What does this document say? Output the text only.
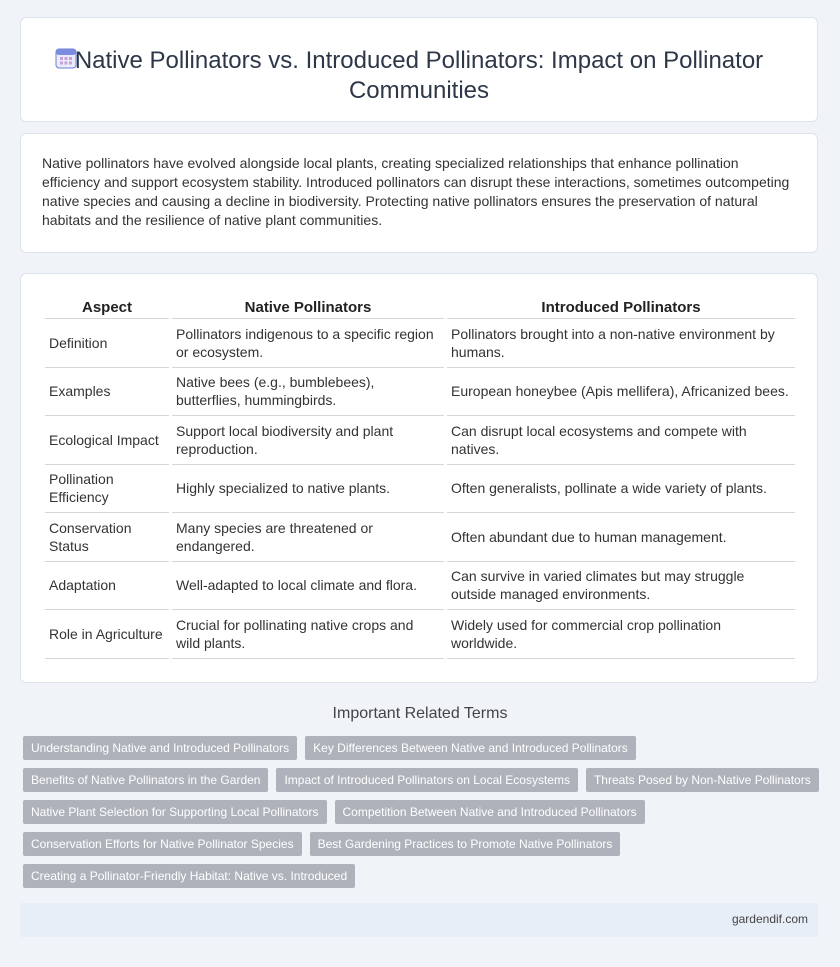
Native Pollinators vs. Introduced Pollinators: Impact on Pollinator Communities

Native pollinators have evolved alongside local plants, creating specialized relationships that enhance pollination efficiency and support ecosystem stability. Introduced pollinators can disrupt these interactions, sometimes outcompeting native species and causing a decline in biodiversity. Protecting native pollinators ensures the preservation of natural habitats and the resilience of native plant communities.

Aspect	Native Pollinators	Introduced Pollinators
Definition	Pollinators indigenous to a specific region or ecosystem.	Pollinators brought into a non-native environment by humans.
Examples	Native bees (e.g., bumblebees), butterflies, hummingbirds.	European honeybee (Apis mellifera), Africanized bees.
Ecological Impact	Support local biodiversity and plant reproduction.	Can disrupt local ecosystems and compete with natives.
Pollination Efficiency	Highly specialized to native plants.	Often generalists, pollinate a wide variety of plants.
Conservation Status	Many species are threatened or endangered.	Often abundant due to human management.
Adaptation	Well-adapted to local climate and flora.	Can survive in varied climates but may struggle outside managed environments.
Role in Agriculture	Crucial for pollinating native crops and wild plants.	Widely used for commercial crop pollination worldwide.
Important Related Terms
Understanding Native and Introduced Pollinators	Key Differences Between Native and Introduced Pollinators
Benefits of Native Pollinators in the Garden	Impact of Introduced Pollinators on Local Ecosystems	Threats Posed by Non-Native Pollinators
Native Plant Selection for Supporting Local Pollinators	Competition Between Native and Introduced Pollinators
Conservation Efforts for Native Pollinator Species	Best Gardening Practices to Promote Native Pollinators
Creating a Pollinator-Friendly Habitat: Native vs. Introduced
gardendif.com
